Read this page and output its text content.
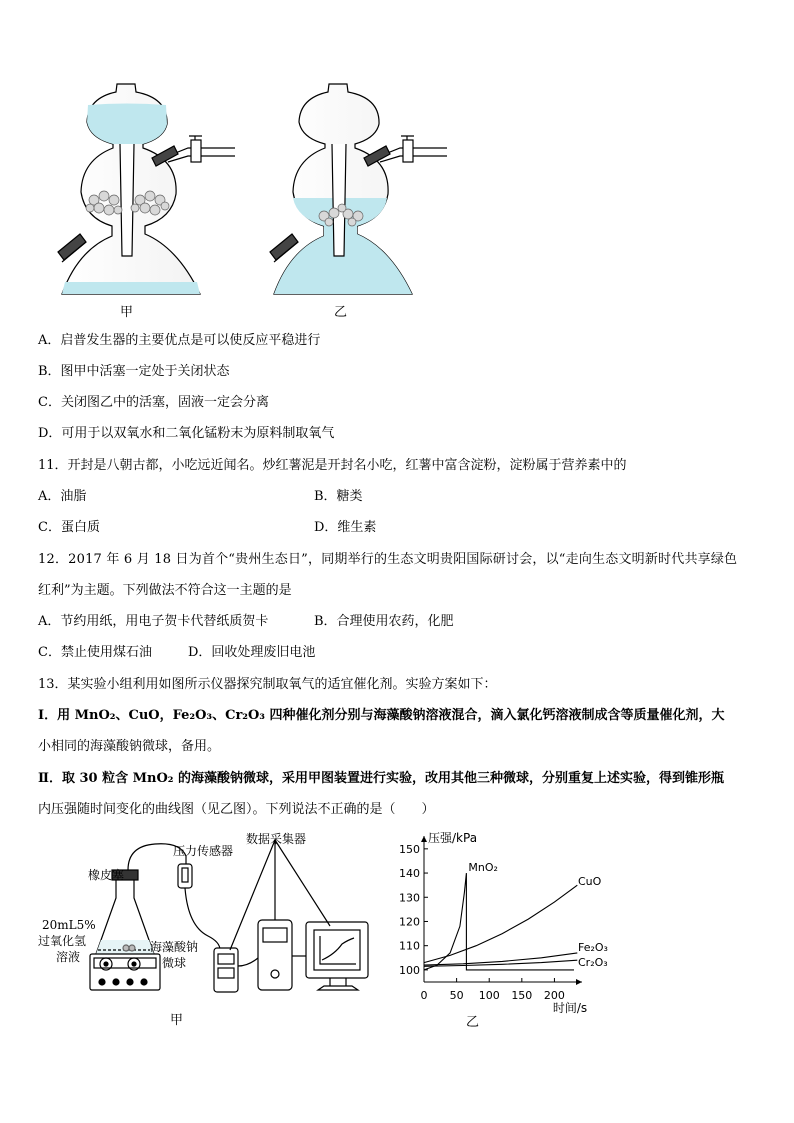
甲	乙
A．启普发生器的主要优点是可以使反应平稳进行
B．图甲中活塞一定处于关闭状态
C．关闭图乙中的活塞，固液一定会分离
D．可用于以双氧水和二氧化锰粉末为原料制取氧气
11．开封是八朝古都，小吃远近闻名。炒红薯泥是开封名小吃，红薯中富含淀粉，淀粉属于营养素中的
A．油脂	B．糖类
C．蛋白质	D．维生素
12．2017 年 6 月 18 日为首个“贵州生态日”，同期举行的生态文明贵阳国际研讨会，以“走向生态文明新时代共享绿色
红利”为主题。下列做法不符合这一主题的是
A．节约用纸，用电子贺卡代替纸质贺卡	B．合理使用农药，化肥
C．禁止使用煤石油	D．回收处理废旧电池
13．某实验小组利用如图所示仪器探究制取氧气的适宜催化剂。实验方案如下：
Ⅰ．用 MnO₂、CuO，Fe₂O₃、Cr₂O₃ 四种催化剂分别与海藻酸钠溶液混合，滴入氯化钙溶液制成含等质量催化剂，大
小相同的海藻酸钠微球，备用。
Ⅱ．取 30 粒含 MnO₂ 的海藻酸钠微球，采用甲图装置进行实验，改用其他三种微球，分别重复上述实验，得到锥形瓶
内压强随时间变化的曲线图（见乙图）。下列说法不正确的是（　　）
橡皮塞
压力传感器
数据采集器
20mL5%
过氧化氢
溶液
海藻酸钠
微球
甲
100
110
120
130
140
150
0 50 100 150 200
压强/kPa
时间/s
MnO₂
CuO
Fe₂O₃
Cr₂O₃
乙
